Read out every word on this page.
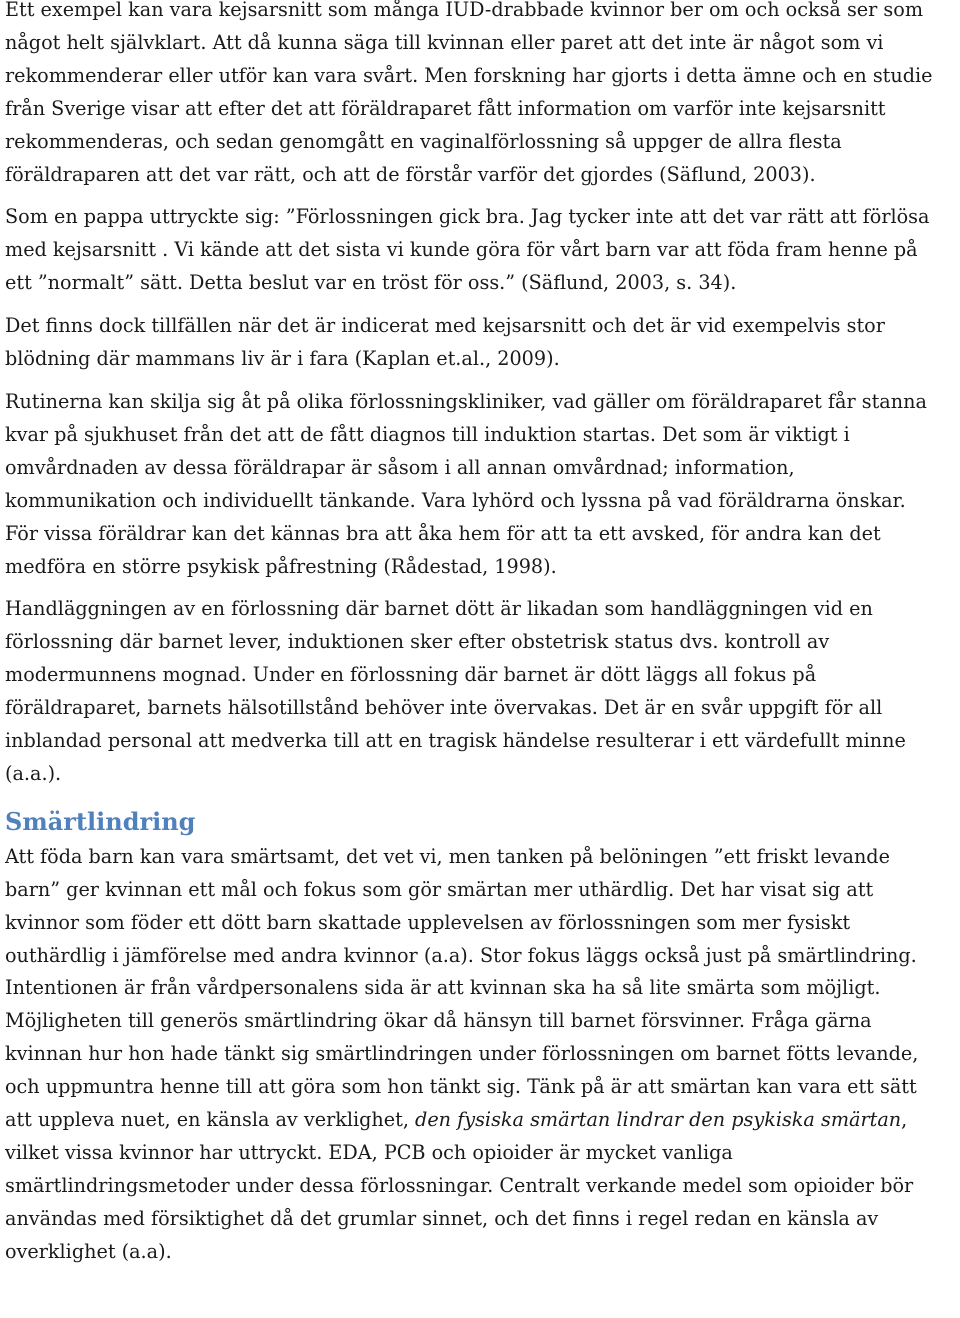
Ett exempel kan vara kejsarsnitt som många IUD-drabbade kvinnor ber om och också ser som något helt självklart. Att då kunna säga till kvinnan eller paret att det inte är något som vi rekommenderar eller utför kan vara svårt. Men forskning har gjorts i detta ämne och en studie från Sverige visar att efter det att föräldraparet fått information om varför inte kejsarsnitt rekommenderas, och sedan genomgått en vaginalförlossning så uppger de allra flesta föräldraparen att det var rätt, och att de förstår varför det gjordes (Säflund, 2003).

Som en pappa uttryckte sig: ”Förlossningen gick bra. Jag tycker inte att det var rätt att förlösa med kejsarsnitt . Vi kände att det sista vi kunde göra för vårt barn var att föda fram henne på ett ”normalt” sätt. Detta beslut var en tröst för oss.” (Säflund, 2003, s. 34).

Det finns dock tillfällen när det är indicerat med kejsarsnitt och det är vid exempelvis stor blödning där mammans liv är i fara (Kaplan et.al., 2009).

Rutinerna kan skilja sig åt på olika förlossningskliniker, vad gäller om föräldraparet får stanna kvar på sjukhuset från det att de fått diagnos till induktion startas. Det som är viktigt i omvårdnaden av dessa föräldrapar är såsom i all annan omvårdnad; information, kommunikation och individuellt tänkande. Vara lyhörd och lyssna på vad föräldrarna önskar. För vissa föräldrar kan det kännas bra att åka hem för att ta ett avsked, för andra kan det medföra en större psykisk påfrestning (Rådestad, 1998).

Handläggningen av en förlossning där barnet dött är likadan som handläggningen vid en förlossning där barnet lever, induktionen sker efter obstetrisk status dvs. kontroll av modermunnens mognad. Under en förlossning där barnet är dött läggs all fokus på föräldraparet, barnets hälsotillstånd behöver inte övervakas. Det är en svår uppgift för all inblandad personal att medverka till att en tragisk händelse resulterar i ett värdefullt minne (a.a.).

Smärtlindring

Att föda barn kan vara smärtsamt, det vet vi, men tanken på belöningen ”ett friskt levande barn” ger kvinnan ett mål och fokus som gör smärtan mer uthärdlig. Det har visat sig att kvinnor som föder ett dött barn skattade upplevelsen av förlossningen som mer fysiskt outhärdlig i jämförelse med andra kvinnor (a.a). Stor fokus läggs också just på smärtlindring. Intentionen är från vårdpersonalens sida är att kvinnan ska ha så lite smärta som möjligt. Möjligheten till generös smärtlindring ökar då hänsyn till barnet försvinner. Fråga gärna kvinnan hur hon hade tänkt sig smärtlindringen under förlossningen om barnet fötts levande, och uppmuntra henne till att göra som hon tänkt sig. Tänk på är att smärtan kan vara ett sätt att uppleva nuet, en känsla av verklighet, den fysiska smärtan lindrar den psykiska smärtan, vilket vissa kvinnor har uttryckt. EDA, PCB och opioider är mycket vanliga smärtlindringsmetoder under dessa förlossningar. Centralt verkande medel som opioider bör användas med försiktighet då det grumlar sinnet, och det finns i regel redan en känsla av overklighet (a.a).
